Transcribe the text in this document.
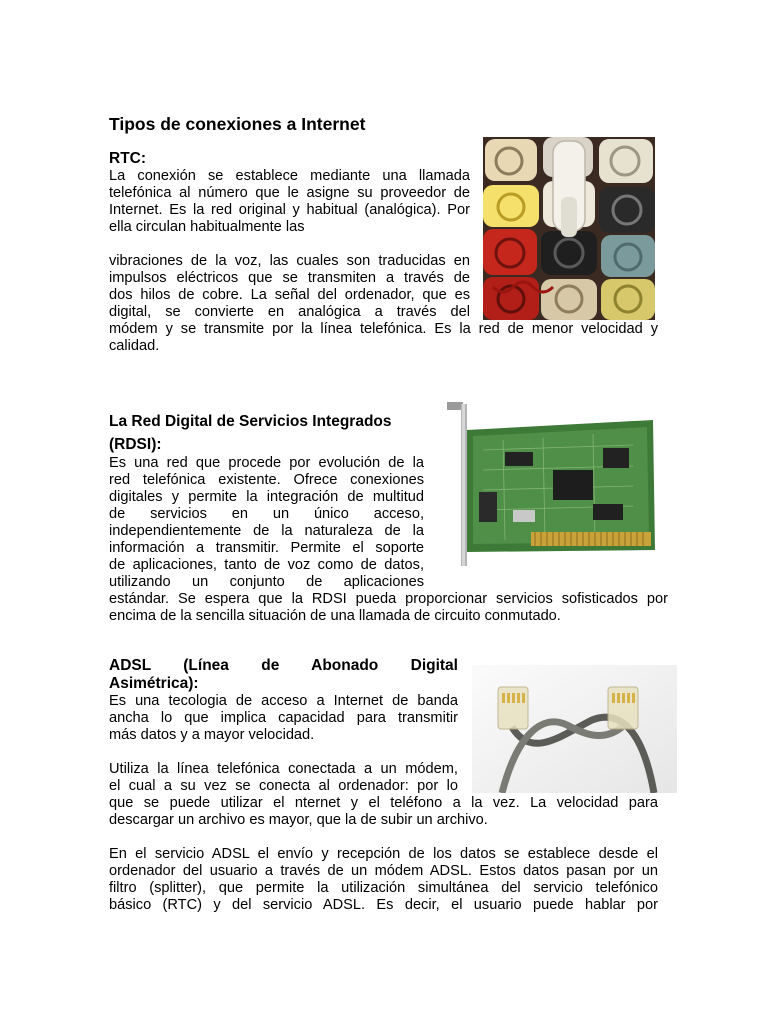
Tipos de conexiones a Internet
RTC:

La conexión se establece mediante una llamada

telefónica al número que le asigne su proveedor de

Internet. Es la red original y habitual (analógica). Por

ella circulan habitualmente las

vibraciones de la voz, las cuales son traducidas en

impulsos eléctricos que se transmiten a través de

dos hilos de cobre. La señal del ordenador, que es

digital, se convierte en analógica a través del

módem y se transmite por la línea telefónica. Es la red de menor velocidad y

calidad.

La Red Digital de Servicios Integrados
(RDSI):

Es una red que procede por evolución de la

red telefónica existente. Ofrece conexiones

digitales y permite la integración de multitud

de servicios en un único acceso,

independientemente de la naturaleza de la

información a transmitir. Permite el soporte

de aplicaciones, tanto de voz como de datos,

utilizando un conjunto de aplicaciones

estándar. Se espera que la RDSI pueda proporcionar servicios sofisticados por

encima de la sencilla situación de una llamada de circuito conmutado.

ADSL (Línea de Abonado Digital
Asimétrica):

Es una tecologia de acceso a Internet de banda

ancha lo que implica capacidad para transmitir

más datos y a mayor velocidad.

Utiliza la línea telefónica conectada a un módem,

el cual a su vez se conecta al ordenador: por lo

que se puede utilizar el nternet y el teléfono a la vez. La velocidad para

descargar un archivo es mayor, que la de subir un archivo.

En el servicio ADSL el envío y recepción de los datos se establece desde el

ordenador del usuario a través de un módem ADSL. Estos datos pasan por un

filtro (splitter), que permite la utilización simultánea del servicio telefónico

básico (RTC) y del servicio ADSL. Es decir, el usuario puede hablar por
